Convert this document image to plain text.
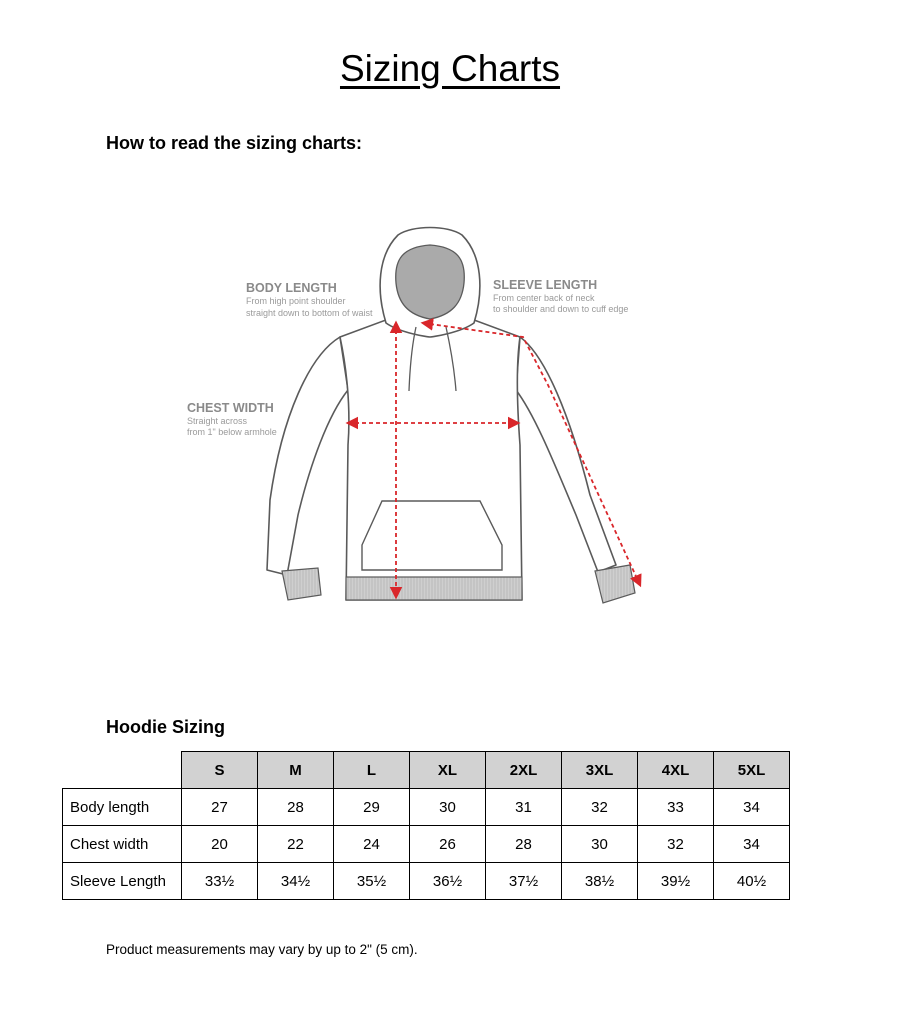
Sizing Charts
How to read the sizing charts:
BODY LENGTH
From high point shoulder
straight down to bottom of waist
SLEEVE LENGTH
From center back of neck
to shoulder and down to cuff edge
CHEST WIDTH
Straight across
from 1" below armhole
Hoodie Sizing
	S	M	L	XL	2XL	3XL	4XL	5XL
Body length	27	28	29	30	31	32	33	34
Chest width	20	22	24	26	28	30	32	34
Sleeve Length	33½	34½	35½	36½	37½	38½	39½	40½

Product measurements may vary by up to 2" (5 cm).
